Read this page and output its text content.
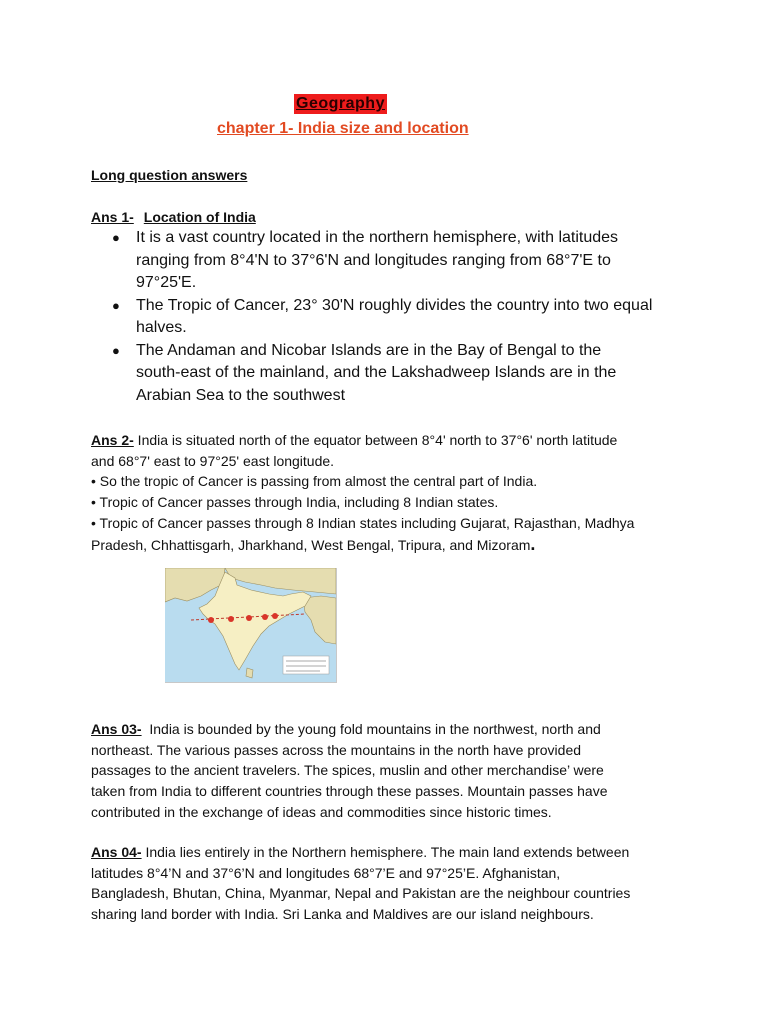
Geography
chapter 1- India size and location
Long question answers
Ans 1- Location of India
● It is a vast country located in the northern hemisphere, with latitudes
ranging from 8°4'N to 37°6'N and longitudes ranging from 68°7'E to
97°25'E.
● The Tropic of Cancer, 23° 30'N roughly divides the country into two equal
halves.
● The Andaman and Nicobar Islands are in the Bay of Bengal to the
south-east of the mainland, and the Lakshadweep Islands are in the
Arabian Sea to the southwest
Ans 2- India is situated north of the equator between 8°4' north to 37°6' north latitude
and 68°7' east to 97°25' east longitude.
• So the tropic of Cancer is passing from almost the central part of India.
• Tropic of Cancer passes through India, including 8 Indian states.
• Tropic of Cancer passes through 8 Indian states including Gujarat, Rajasthan, Madhya
Pradesh, Chhattisgarh, Jharkhand, West Bengal, Tripura, and Mizoram.
Ans 03-  India is bounded by the young fold mountains in the northwest, north and
northeast. The various passes across the mountains in the north have provided
passages to the ancient travelers. The spices, muslin and other merchandise’ were
taken from India to different countries through these passes. Mountain passes have
contributed in the exchange of ideas and commodities since historic times.
Ans 04- India lies entirely in the Northern hemisphere. The main land extends between
latitudes 8°4’N and 37°6’N and longitudes 68°7’E and 97°25’E. Afghanistan,
Bangladesh, Bhutan, China, Myanmar, Nepal and Pakistan are the neighbour countries
sharing land border with India. Sri Lanka and Maldives are our island neighbours.
